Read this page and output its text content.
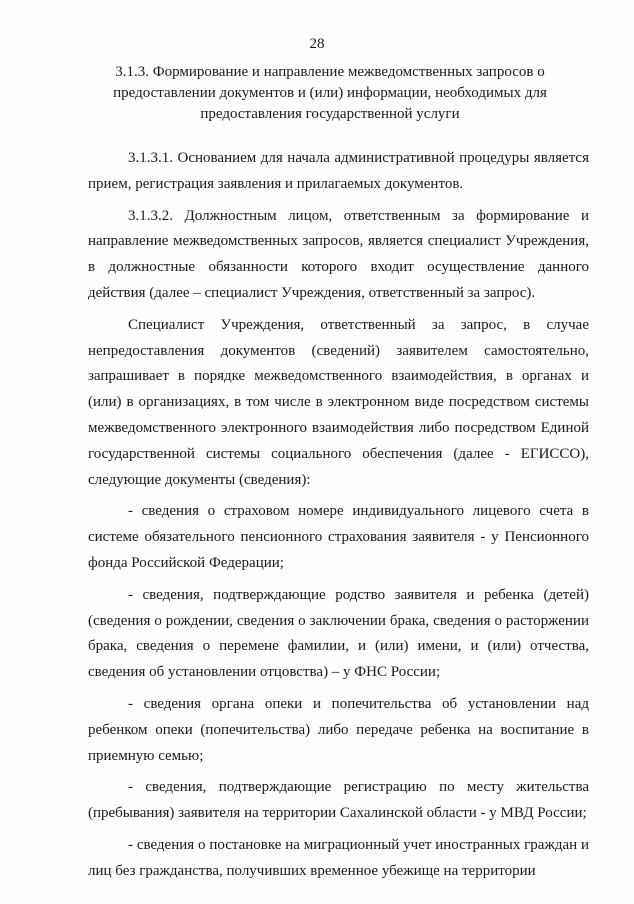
28
3.1.3. Формирование и направление межведомственных запросов о предоставлении документов и (или) информации, необходимых для предоставления государственной услуги

3.1.3.1. Основанием для начала административной процедуры является прием, регистрация заявления и прилагаемых документов.

3.1.3.2. Должностным лицом, ответственным за формирование и направление межведомственных запросов, является специалист Учреждения, в должностные обязанности которого входит осуществление данного действия (далее – специалист Учреждения, ответственный за запрос).

Специалист Учреждения, ответственный за запрос, в случае непредоставления документов (сведений) заявителем самостоятельно, запрашивает в порядке межведомственного взаимодействия, в органах и (или) в организациях, в том числе в электронном виде посредством системы межведомственного электронного взаимодействия либо посредством Единой государственной системы социального обеспечения (далее - ЕГИССО), следующие документы (сведения):

- сведения о страховом номере индивидуального лицевого счета в системе обязательного пенсионного страхования заявителя - у Пенсионного фонда Российской Федерации;

- сведения, подтверждающие родство заявителя и ребенка (детей) (сведения о рождении, сведения о заключении брака, сведения о расторжении брака, сведения о перемене фамилии, и (или) имени, и (или) отчества, сведения об установлении отцовства) – у ФНС России;

- сведения органа опеки и попечительства об установлении над ребенком опеки (попечительства) либо передаче ребенка на воспитание в приемную семью;

- сведения, подтверждающие регистрацию по месту жительства (пребывания) заявителя на территории Сахалинской области - у МВД России;

- сведения о постановке на миграционный учет иностранных граждан и лиц без гражданства, получивших временное убежище на территории
